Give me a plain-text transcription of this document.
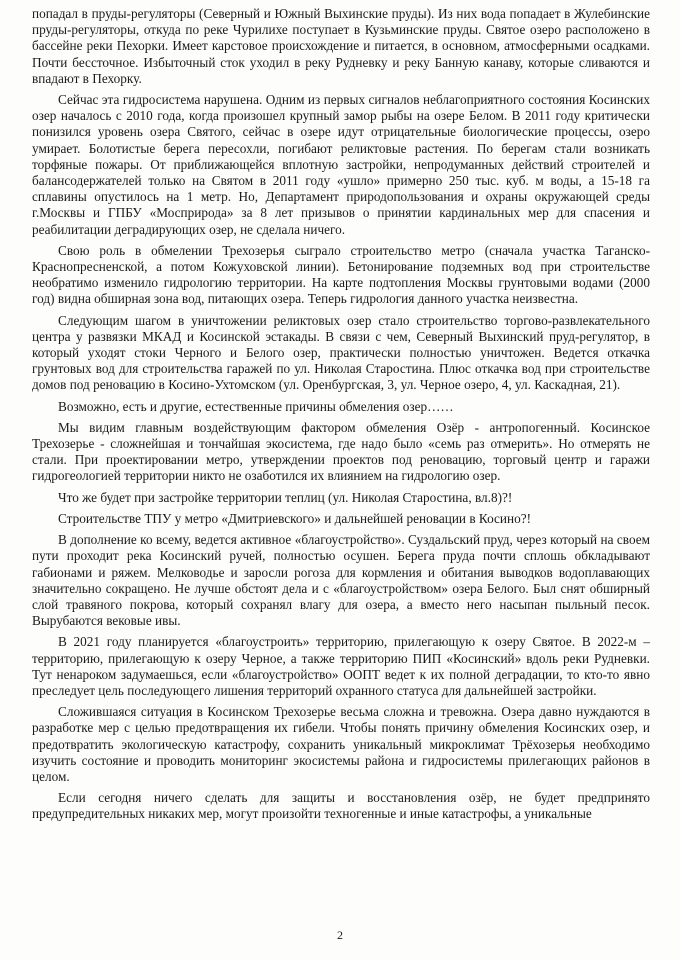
попадал в пруды-регуляторы (Северный и Южный Выхинские пруды). Из них вода попадает в Жулебинские пруды-регуляторы, откуда по реке Чурилихе поступает в Кузьминские пруды. Святое озеро расположено в бассейне реки Пехорки. Имеет карстовое происхождение и питается, в основном, атмосферными осадками. Почти бессточное. Избыточный сток уходил в реку Рудневку и реку Банную канаву, которые сливаются и впадают в Пехорку.

Сейчас эта гидросистема нарушена. Одним из первых сигналов неблагоприятного состояния Косинских озер началось с 2010 года, когда произошел крупный замор рыбы на озере Белом. В 2011 году критически понизился уровень озера Святого, сейчас в озере идут отрицательные биологические процессы, озеро умирает. Болотистые берега пересохли, погибают реликтовые растения. По берегам стали возникать торфяные пожары. От приближающейся вплотную застройки, непродуманных действий строителей и балансодержателей только на Святом в 2011 году «ушло» примерно 250 тыс. куб. м воды, а 15-18 га сплавины опустилось на 1 метр. Но, Департамент природопользования и охраны окружающей среды г.Москвы и ГПБУ «Мосприрода» за 8 лет призывов о принятии кардинальных мер для спасения и реабилитации деградирующих озер, не сделала ничего.

Свою роль в обмелении Трехозерья сыграло строительство метро (сначала участка Таганско-Краснопресненской, а потом Кожуховской линии). Бетонирование подземных вод при строительстве необратимо изменило гидрологию территории. На карте подтопления Москвы грунтовыми водами (2000 год) видна обширная зона вод, питающих озера. Теперь гидрология данного участка неизвестна.

Следующим шагом в уничтожении реликтовых озер стало строительство торгово-развлекательного центра у развязки МКАД и Косинской эстакады. В связи с чем, Северный Выхинский пруд-регулятор, в который уходят стоки Черного и Белого озер, практически полностью уничтожен. Ведется откачка грунтовых вод для строительства гаражей по ул. Николая Старостина. Плюс откачка вод при строительстве домов под реновацию в Косино-Ухтомском (ул. Оренбургская, 3, ул. Черное озеро, 4, ул. Каскадная, 21).

Возможно, есть и другие, естественные причины обмеления озер……

Мы видим главным воздействующим фактором обмеления Озёр - антропогенный. Косинское Трехозерье - сложнейшая и тончайшая экосистема, где надо было «семь раз отмерить». Но отмерять не стали. При проектировании метро, утверждении проектов под реновацию, торговый центр и гаражи гидрогеологией территории никто не озаботился их влиянием на гидрологию озер.

Что же будет при застройке территории теплиц (ул. Николая Старостина, вл.8)?!

Строительстве ТПУ у метро «Дмитриевского» и дальнейшей реновации в Косино?!

В дополнение ко всему, ведется активное «благоустройство». Суздальский пруд, через который на своем пути проходит река Косинский ручей, полностью осушен. Берега пруда почти сплошь обкладывают габионами и ряжем. Мелководье и заросли рогоза для кормления и обитания выводков водоплавающих значительно сокращено. Не лучше обстоят дела и с «благоустройством» озера Белого. Был снят обширный слой травяного покрова, который сохранял влагу для озера, а вместо него насыпан пыльный песок. Вырубаются вековые ивы.

В 2021 году планируется «благоустроить» территорию, прилегающую к озеру Святое. В 2022-м – территорию, прилегающую к озеру Черное, а также территорию ПИП «Косинский» вдоль реки Рудневки. Тут ненароком задумаешься, если «благоустройство» ООПТ ведет к их полной деградации, то кто-то явно преследует цель последующего лишения территорий охранного статуса для дальнейшей застройки.

Сложившаяся ситуация в Косинском Трехозерье весьма сложна и тревожна. Озера давно нуждаются в разработке мер с целью предотвращения их гибели. Чтобы понять причину обмеления Косинских озер, и предотвратить экологическую катастрофу, сохранить уникальный микроклимат Трёхозерья необходимо изучить состояние и проводить мониторинг экосистемы района и гидросистемы прилегающих районов в целом.

Если сегодня ничего сделать для защиты и восстановления озёр, не будет предпринято предупредительных никаких мер, могут произойти техногенные и иные катастрофы, а уникальные

2
